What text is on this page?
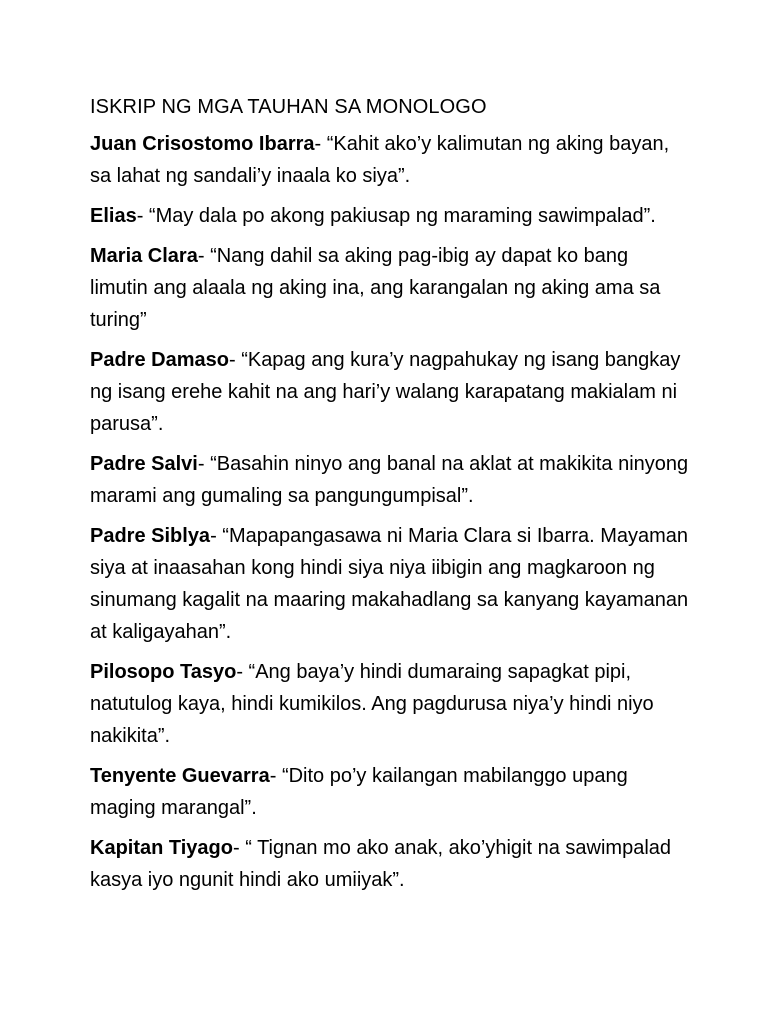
ISKRIP NG MGA TAUHAN SA MONOLOGO
Juan Crisostomo Ibarra- “Kahit ako’y kalimutan ng aking bayan, sa lahat ng sandali’y inaala ko siya”.
Elias- “May dala po akong pakiusap ng maraming sawimpalad”.
Maria Clara- “Nang dahil sa aking pag-ibig ay dapat ko bang limutin ang alaala ng aking ina, ang karangalan ng aking ama sa turing”
Padre Damaso- “Kapag ang kura’y nagpahukay ng isang bangkay ng isang erehe kahit na ang hari’y walang karapatang makialam ni parusa”.
Padre Salvi- “Basahin ninyo ang banal na aklat at makikita ninyong marami ang gumaling sa pangungumpisal”.
Padre Siblya- “Mapapangasawa ni Maria Clara si Ibarra. Mayaman siya at inaasahan kong hindi siya niya iibigin ang magkaroon ng sinumang kagalit na maaring makahadlang sa kanyang kayamanan at kaligayahan”.
Pilosopo Tasyo- “Ang baya’y hindi dumaraing sapagkat pipi, natutulog kaya, hindi kumikilos. Ang pagdurusa niya’y hindi niyo nakikita”.
Tenyente Guevarra- “Dito po’y kailangan mabilanggo upang maging marangal”.
Kapitan Tiyago- “ Tignan mo ako anak, ako’yhigit na sawimpalad kasya iyo ngunit hindi ako umiiyak”.
